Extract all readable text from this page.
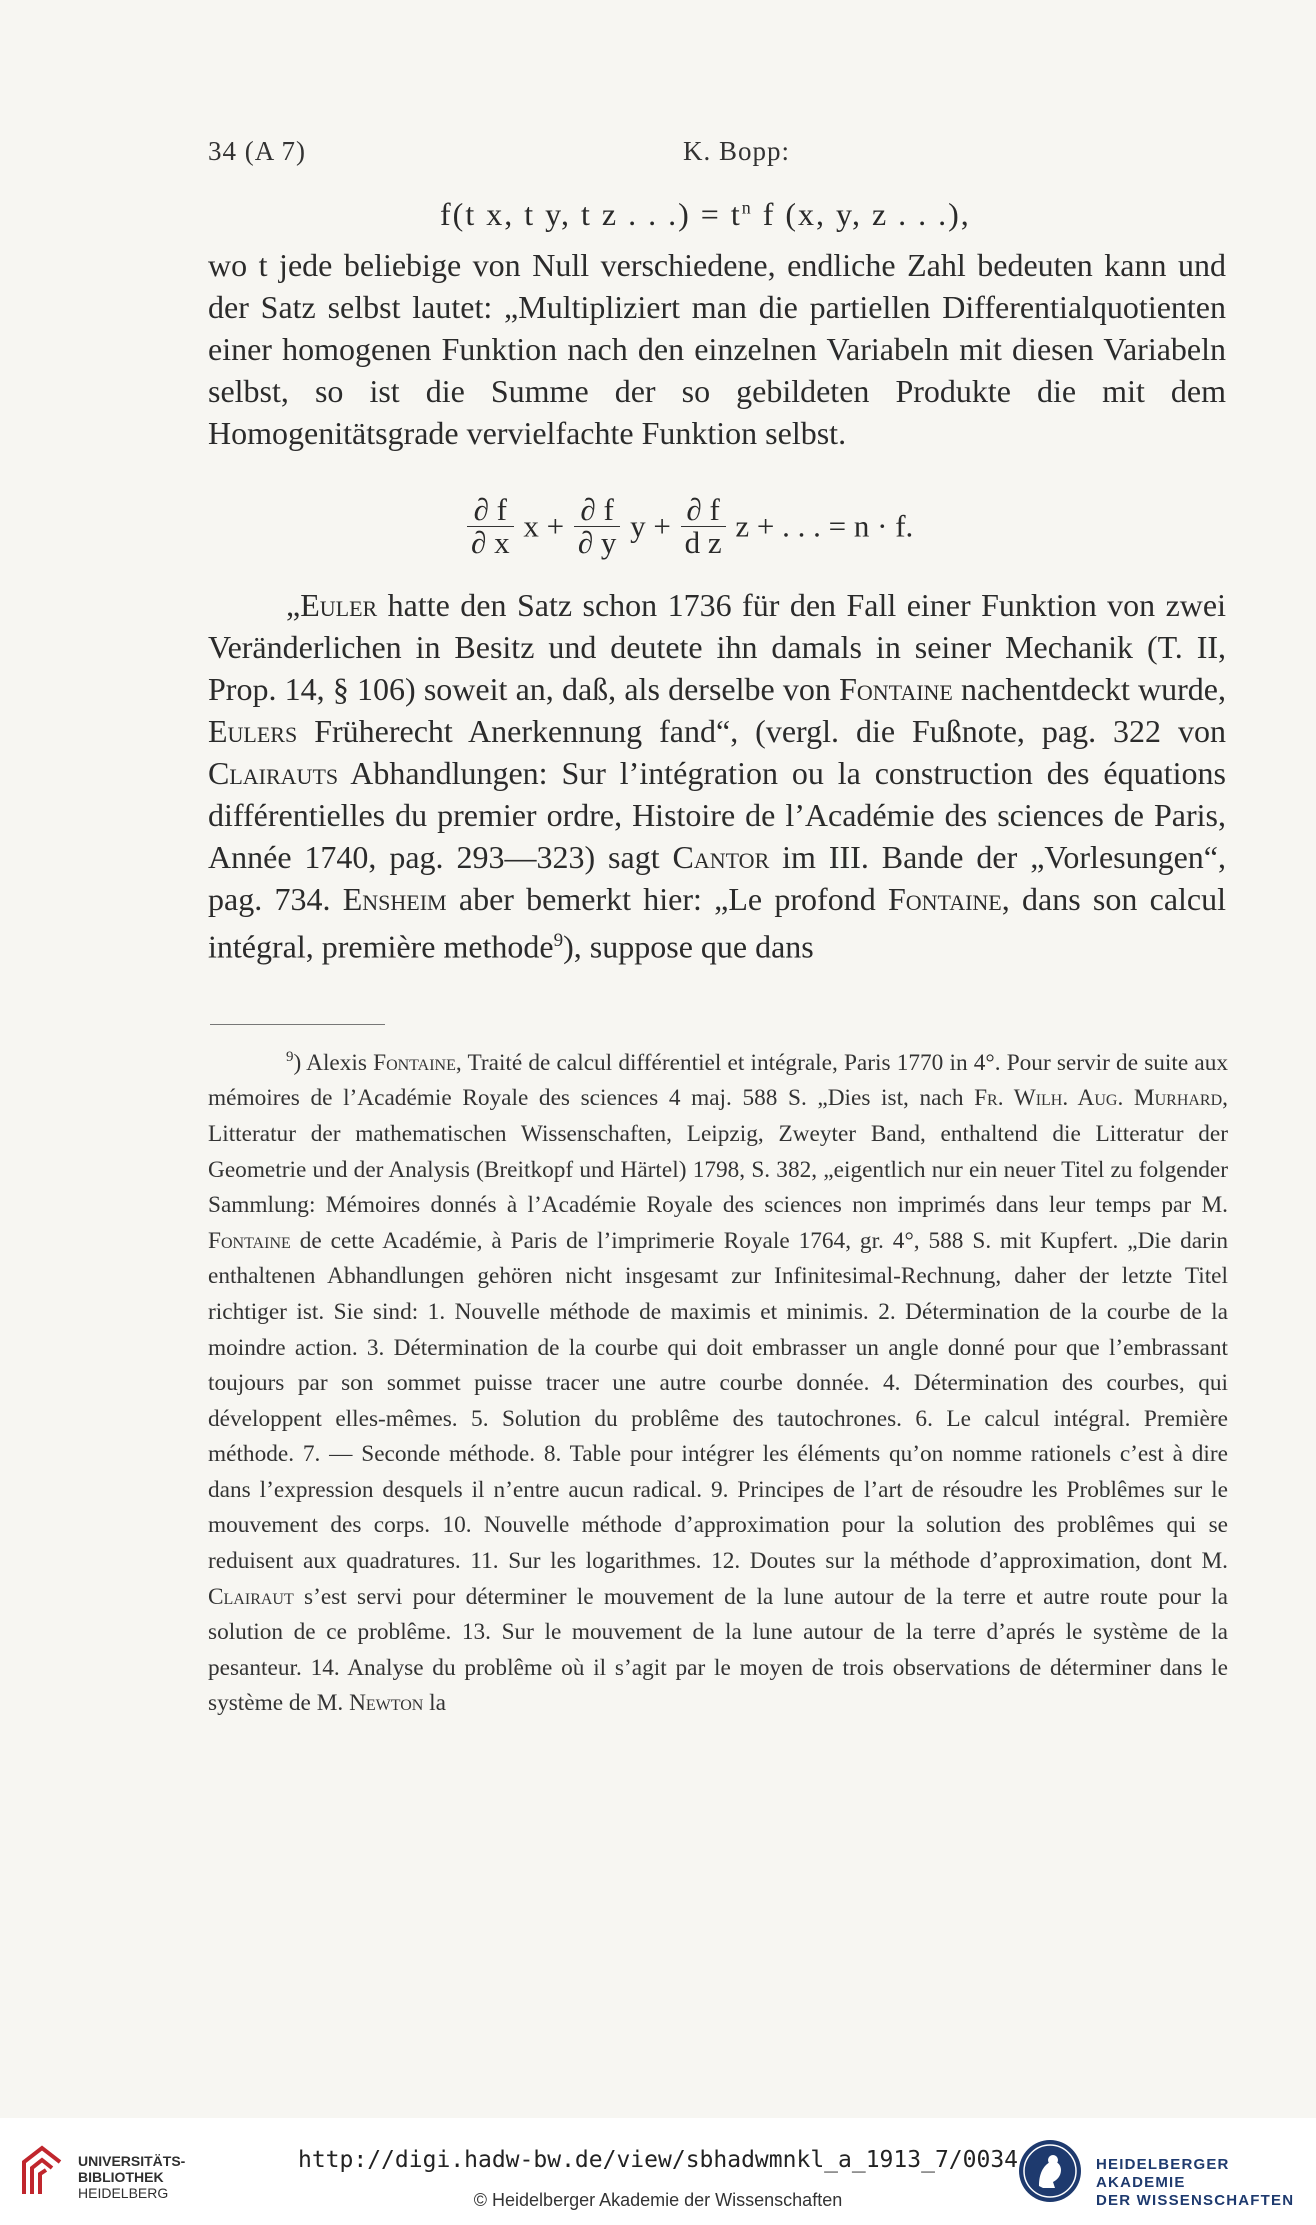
34 (A 7)	K. Bopp:
f(t x, t y, t z . . .) = $t^n$ f (x, y, z . . .),

wo t jede beliebige von Null verschiedene, endliche Zahl bedeuten kann und der Satz selbst lautet: „Multipliziert man die partiellen Differentialquotienten einer homogenen Funktion nach den einzelnen Variabeln mit diesen Variabeln selbst, so ist die Summe der so gebildeten Produkte die mit dem Homogenitätsgrade vervielfachte Funktion selbst.

$\frac{\partial f}{\partial x}$ $x + \frac{\partial f}{\partial y}$ $y + \frac{\partial f}{\text{d z}}$ z + . . . = n · f.

„Euler hatte den Satz schon 1736 für den Fall einer Funktion von zwei Veränderlichen in Besitz und deutete ihn damals in seiner Mechanik (T. II, Prop. 14, § 106) soweit an, daß, als derselbe von Fontaine nachentdeckt wurde, Eulers Früherecht Anerkennung fand“, (vergl. die Fußnote, pag. 322 von Clairauts Abhandlungen: Sur l’intégration ou la construction des équations différentielles du premier ordre, Histoire de l’Académie des sciences de Paris, Année 1740, pag. 293—323) sagt Cantor im III. Bande der „Vorlesungen“, pag. 734. Ensheim aber bemerkt hier: „Le profond Fontaine, dans son calcul intégral, première methode$^9$), suppose que dans

$^9$) Alexis Fontaine, Traité de calcul différentiel et intégrale, Paris 1770 in 4°. Pour servir de suite aux mémoires de l’Académie Royale des sciences 4 maj. 588 S. „Dies ist, nach Fr. Wilh. Aug. Murhard, Litteratur der mathematischen Wissenschaften, Leipzig, Zweyter Band, enthaltend die Litteratur der Geometrie und der Analysis (Breitkopf und Härtel) 1798, S. 382, „eigentlich nur ein neuer Titel zu folgender Sammlung: Mémoires donnés à l’Académie Royale des sciences non imprimés dans leur temps par M. Fontaine de cette Académie, à Paris de l’imprimerie Royale 1764, gr. 4°, 588 S. mit Kupfert. „Die darin enthaltenen Abhandlungen gehören nicht insgesamt zur Infinitesimal-Rechnung, daher der letzte Titel richtiger ist. Sie sind: 1. Nouvelle méthode de maximis et minimis. 2. Détermination de la courbe de la moindre action. 3. Détermination de la courbe qui doit embrasser un angle donné pour que l’embrassant toujours par son sommet puisse tracer une autre courbe donnée. 4. Détermination des courbes, qui développent elles-mêmes. 5. Solution du problême des tautochrones. 6. Le calcul intégral. Première méthode. 7. — Seconde méthode. 8. Table pour intégrer les éléments qu’on nomme rationels c’est à dire dans l’expression desquels il n’entre aucun radical. 9. Principes de l’art de résoudre les Problêmes sur le mouvement des corps. 10. Nouvelle méthode d’approximation pour la solution des problêmes qui se reduisent aux quadratures. 11. Sur les logarithmes. 12. Doutes sur la méthode d’approximation, dont M. Clairaut s’est servi pour déterminer le mouvement de la lune autour de la terre et autre route pour la solution de ce problême. 13. Sur le mouvement de la lune autour de la terre d’aprés le système de la pesanteur. 14. Analyse du problême où il s’agit par le moyen de trois observations de déterminer dans le système de M. Newton la

UNIVERSITÄTS-
BIBLIOTHEK
HEIDELBERG
http://digi.hadw-bw.de/view/sbhadwmnkl_a_1913_7/0034
© Heidelberger Akademie der Wissenschaften
HEIDELBERGER AKADEMIE
DER WISSENSCHAFTEN
